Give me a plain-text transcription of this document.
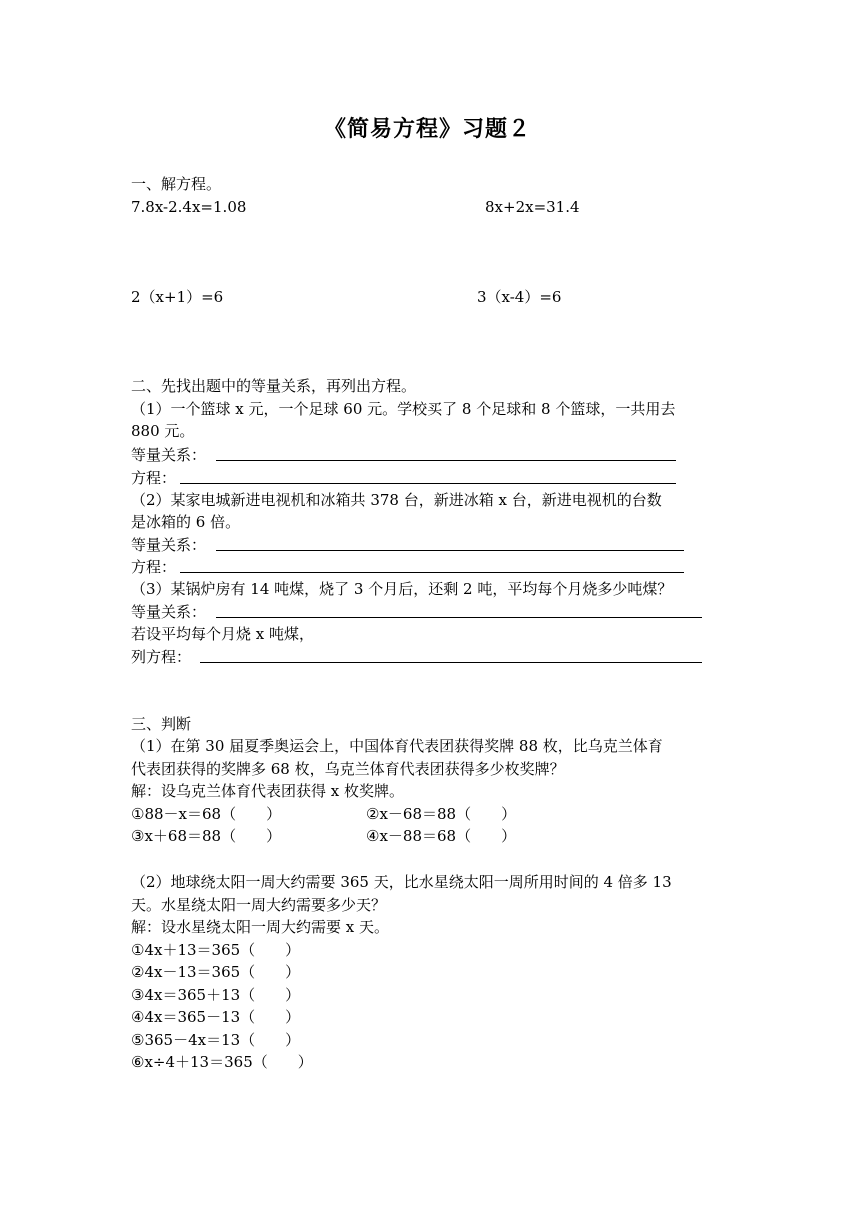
《简易方程》习题２
一、解方程。
7.8x-2.4x=1.08	8x+2x=31.4
2（x+1）=6	3（x-4）=6
二、先找出题中的等量关系，再列出方程。
（1）一个篮球 x 元，一个足球 60 元。学校买了 8 个足球和 8 个篮球，一共用去
880 元。
等量关系：
方程：
（2）某家电城新进电视机和冰箱共 378 台，新进冰箱 x 台，新进电视机的台数
是冰箱的 6 倍。
等量关系：
方程：
（3）某锅炉房有 14 吨煤，烧了 3 个月后，还剩 2 吨，平均每个月烧多少吨煤？
等量关系：
若设平均每个月烧 x 吨煤，
列方程：
三、判断
（1）在第 30 届夏季奥运会上，中国体育代表团获得奖牌 88 枚，比乌克兰体育
代表团获得的奖牌多 68 枚，乌克兰体育代表团获得多少枚奖牌？
解：设乌克兰体育代表团获得 x 枚奖牌。
①88－x＝68（　　）	②x－68＝88（　　）
③x＋68＝88（　　）	④x－88＝68（　　）
（2）地球绕太阳一周大约需要 365 天，比水星绕太阳一周所用时间的 4 倍多 13
天。水星绕太阳一周大约需要多少天？
解：设水星绕太阳一周大约需要 x 天。
①4x＋13＝365（　　）
②4x－13＝365（　　）
③4x＝365＋13（　　）
④4x＝365－13（　　）
⑤365－4x＝13（　　）
⑥x÷4＋13＝365（　　）
